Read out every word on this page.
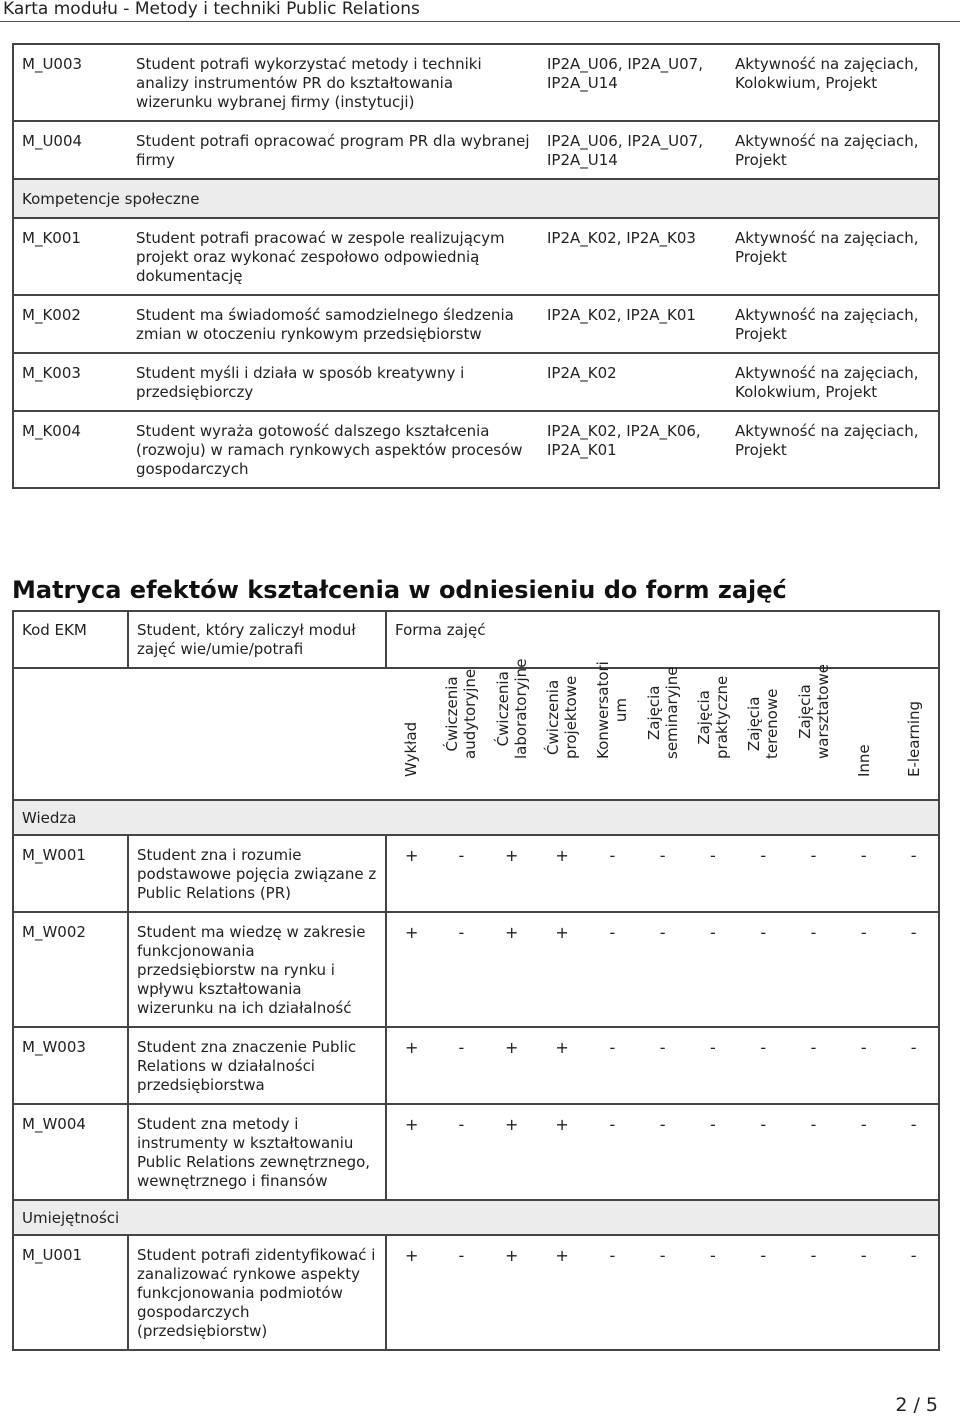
Karta modułu - Metody i techniki Public Relations
M_U003	Student potrafi wykorzystać metody i techniki analizy instrumentów PR do kształtowania wizerunku wybranej firmy (instytucji)	IP2A_U06, IP2A_U07, IP2A_U14	Aktywność na zajęciach, Kolokwium, Projekt
M_U004	Student potrafi opracować program PR dla wybranej firmy	IP2A_U06, IP2A_U07, IP2A_U14	Aktywność na zajęciach, Projekt
Kompetencje społeczne			
M_K001	Student potrafi pracować w zespole realizującym projekt oraz wykonać zespołowo odpowiednią dokumentację	IP2A_K02, IP2A_K03	Aktywność na zajęciach, Projekt
M_K002	Student ma świadomość samodzielnego śledzenia zmian w otoczeniu rynkowym przedsiębiorstw	IP2A_K02, IP2A_K01	Aktywność na zajęciach, Projekt
M_K003	Student myśli i działa w sposób kreatywny i przedsiębiorczy	IP2A_K02	Aktywność na zajęciach, Kolokwium, Projekt
M_K004	Student wyraża gotowość dalszego kształcenia (rozwoju) w ramach rynkowych aspektów procesów gospodarczych	IP2A_K02, IP2A_K06, IP2A_K01	Aktywność na zajęciach, Projekt
Matryca efektów kształcenia w odniesieniu do form zajęć
Kod EKM	Student, który zaliczył moduł zajęć wie/umie/potrafi	Forma zajęć										

		Wykład	Ćwiczenia audytoryjne	Ćwiczenia laboratoryjne	Ćwiczenia projektowe	Konwersatori um	Zajęcia seminaryjne	Zajęcia praktyczne	Zajęcia terenowe	Zajęcia warsztatowe	Inne	E-learning

Wiedza												
M_W001	Student zna i rozumie podstawowe pojęcia związane z Public Relations (PR)	+	-	+	+	-	-	-	-	-	-	-
M_W002	Student ma wiedzę w zakresie funkcjonowania przedsiębiorstw na rynku i wpływu kształtowania wizerunku na ich działalność	+	-	+	+	-	-	-	-	-	-	-
M_W003	Student zna znaczenie Public Relations w działalności przedsiębiorstwa	+	-	+	+	-	-	-	-	-	-	-
M_W004	Student zna metody i instrumenty w kształtowaniu Public Relations zewnętrznego, wewnętrznego i finansów	+	-	+	+	-	-	-	-	-	-	-
Umiejętności												
M_U001	Student potrafi zidentyfikować i zanalizować rynkowe aspekty funkcjonowania podmiotów gospodarczych (przedsiębiorstw)	+	-	+	+	-	-	-	-	-	-	-
2 / 5
